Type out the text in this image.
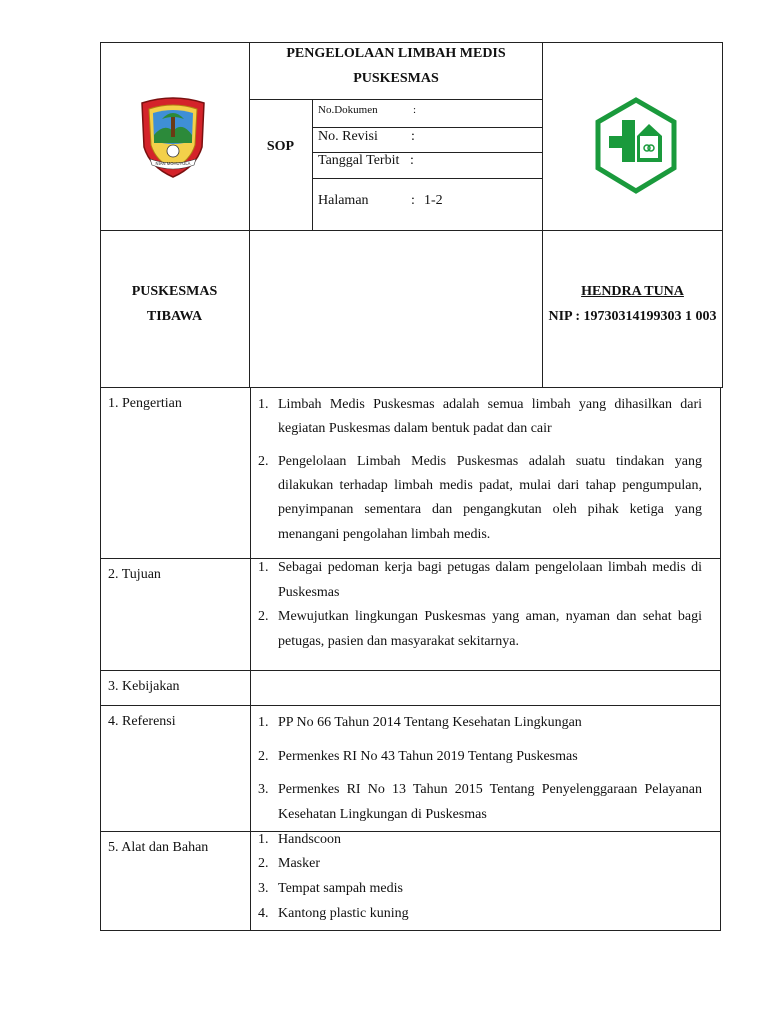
NIAN MOHUYULA
PENGELOLAAN LIMBAH MEDIS
PUSKESMAS
SOP
No.Dokumen	:
No. Revisi :
Tanggal Terbit :
Halaman	: 1-2
PUSKESMAS
TIBAWA
HENDRA TUNA
NIP : 19730314199303 1 003
1. Pengertian	1. Limbah Medis Puskesmas adalah semua limbah yang dihasilkan dari
kegiatan Puskesmas dalam bentuk padat dan cair
2. Pengelolaan Limbah Medis Puskesmas adalah suatu tindakan yang
dilakukan terhadap limbah medis padat, mulai dari tahap pengumpulan,
penyimpanan sementara dan pengangkutan oleh pihak ketiga yang
menangani pengolahan limbah medis.
2. Tujuan	1. Sebagai pedoman kerja bagi petugas dalam pengelolaan limbah medis di
Puskesmas
2. Mewujutkan lingkungan Puskesmas yang aman, nyaman dan sehat bagi
petugas, pasien dan masyarakat sekitarnya.
3. Kebijakan
4. Referensi	1. PP No 66 Tahun 2014 Tentang Kesehatan Lingkungan
2. Permenkes RI No 43 Tahun 2019 Tentang Puskesmas
3. Permenkes RI No 13 Tahun 2015 Tentang Penyelenggaraan Pelayanan
Kesehatan Lingkungan di Puskesmas
5. Alat dan Bahan
1. Handscoon
2. Masker
3. Tempat sampah medis
4. Kantong plastic kuning
